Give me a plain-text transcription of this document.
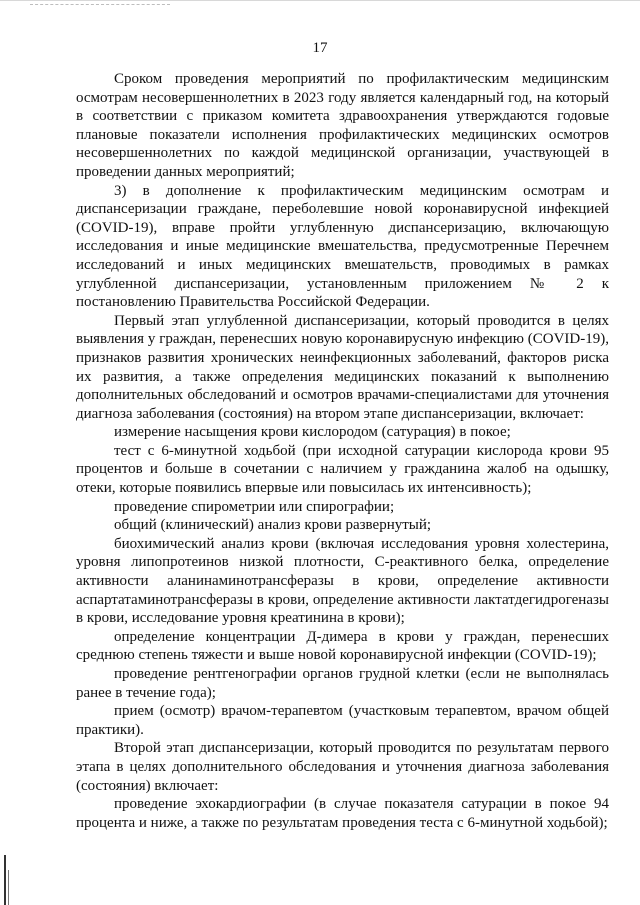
17

Сроком проведения мероприятий по профилактическим медицинским осмотрам несовершеннолетних в 2023 году является календарный год, на который в соответствии с приказом комитета здравоохранения утверждаются годовые плановые показатели исполнения профилактических медицинских осмотров несовершеннолетних по каждой медицинской организации, участвующей в проведении данных мероприятий;

3) в дополнение к профилактическим медицинским осмотрам и диспансеризации граждане, переболевшие новой коронавирусной инфекцией (COVID-19), вправе пройти углубленную диспансеризацию, включающую исследования и иные медицинские вмешательства, предусмотренные Перечнем исследований и иных медицинских вмешательств, проводимых в рамках углубленной диспансеризации, установленным приложением № 2 к постановлению Правительства Российской Федерации.

Первый этап углубленной диспансеризации, который проводится в целях выявления у граждан, перенесших новую коронавирусную инфекцию (COVID-19), признаков развития хронических неинфекционных заболеваний, факторов риска их развития, а также определения медицинских показаний к выполнению дополнительных обследований и осмотров врачами-специалистами для уточнения диагноза заболевания (состояния) на втором этапе диспансеризации, включает:

измерение насыщения крови кислородом (сатурация) в покое;

тест с 6-минутной ходьбой (при исходной сатурации кислорода крови 95 процентов и больше в сочетании с наличием у гражданина жалоб на одышку, отеки, которые появились впервые или повысилась их интенсивность);

проведение спирометрии или спирографии;

общий (клинический) анализ крови развернутый;

биохимический анализ крови (включая исследования уровня холестерина, уровня липопротеинов низкой плотности, С-реактивного белка, определение активности аланинаминотрансферазы в крови, определение активности аспартатаминотрансферазы в крови, определение активности лактатдегидрогеназы в крови, исследование уровня креатинина в крови);

определение концентрации Д-димера в крови у граждан, перенесших среднюю степень тяжести и выше новой коронавирусной инфекции (COVID-19);

проведение рентгенографии органов грудной клетки (если не выполнялась ранее в течение года);

прием (осмотр) врачом-терапевтом (участковым терапевтом, врачом общей практики).

Второй этап диспансеризации, который проводится по результатам первого этапа в целях дополнительного обследования и уточнения диагноза заболевания (состояния) включает:

проведение эхокардиографии (в случае показателя сатурации в покое 94 процента и ниже, а также по результатам проведения теста с 6-минутной ходьбой);
